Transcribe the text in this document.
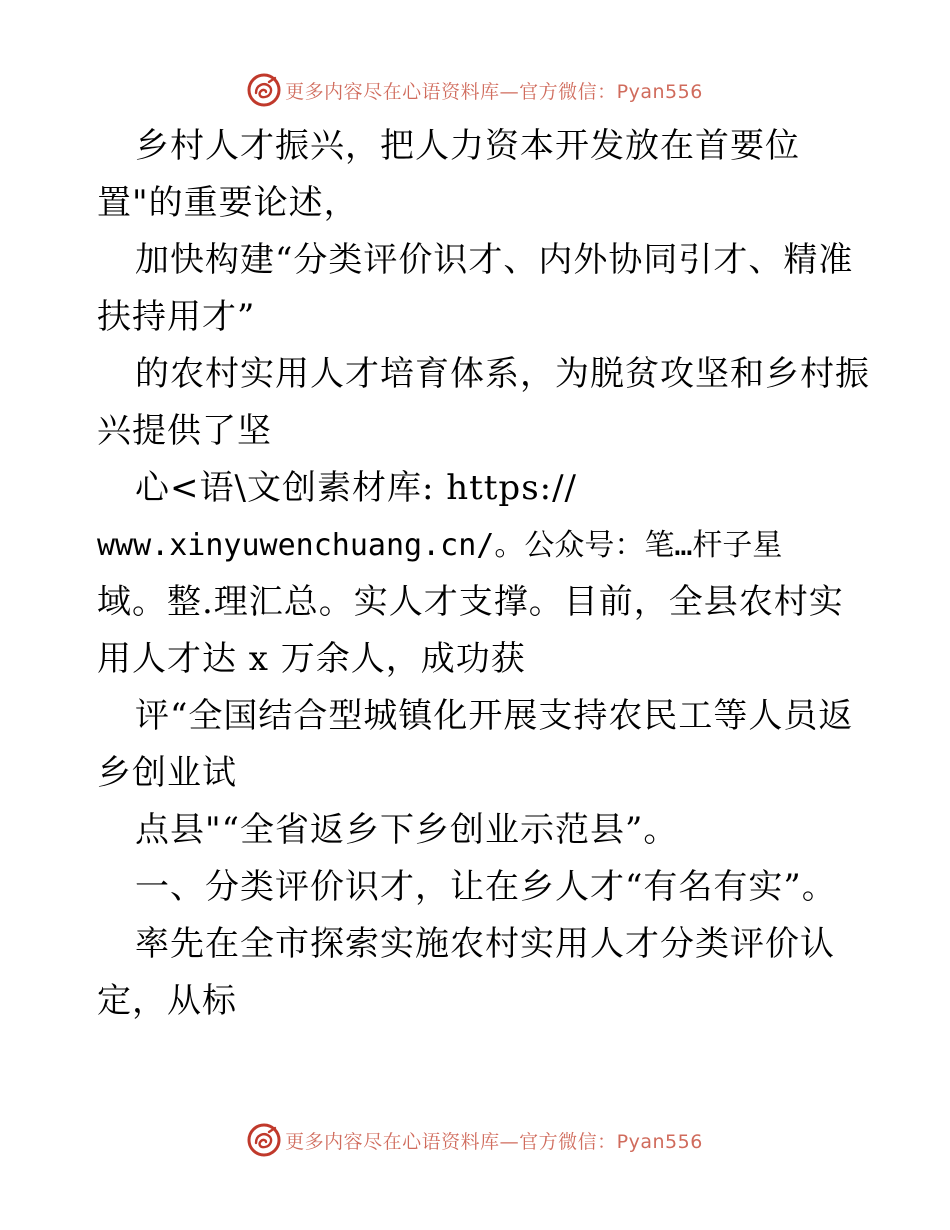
更多内容尽在心语资料库—官方微信：Pyan556
乡村人才振兴，把人力资本开发放在首要位
置"的重要论述，
加快构建“分类评价识才、内外协同引才、精准
扶持用才”
的农村实用人才培育体系，为脱贫攻坚和乡村振
兴提供了坚
心<语\文创素材库: https://
www.xinyuwenchuang.cn/。公众号：笔…杆子星
域。整.理汇总。实人才支撑。目前，全县农村实
用人才达 x 万余人，成功获
评“全国结合型城镇化开展支持农民工等人员返
乡创业试
点县"“全省返乡下乡创业示范县”。
一、分类评价识才，让在乡人才“有名有实”。
率先在全市探索实施农村实用人才分类评价认
定，从标
更多内容尽在心语资料库—官方微信：Pyan556
